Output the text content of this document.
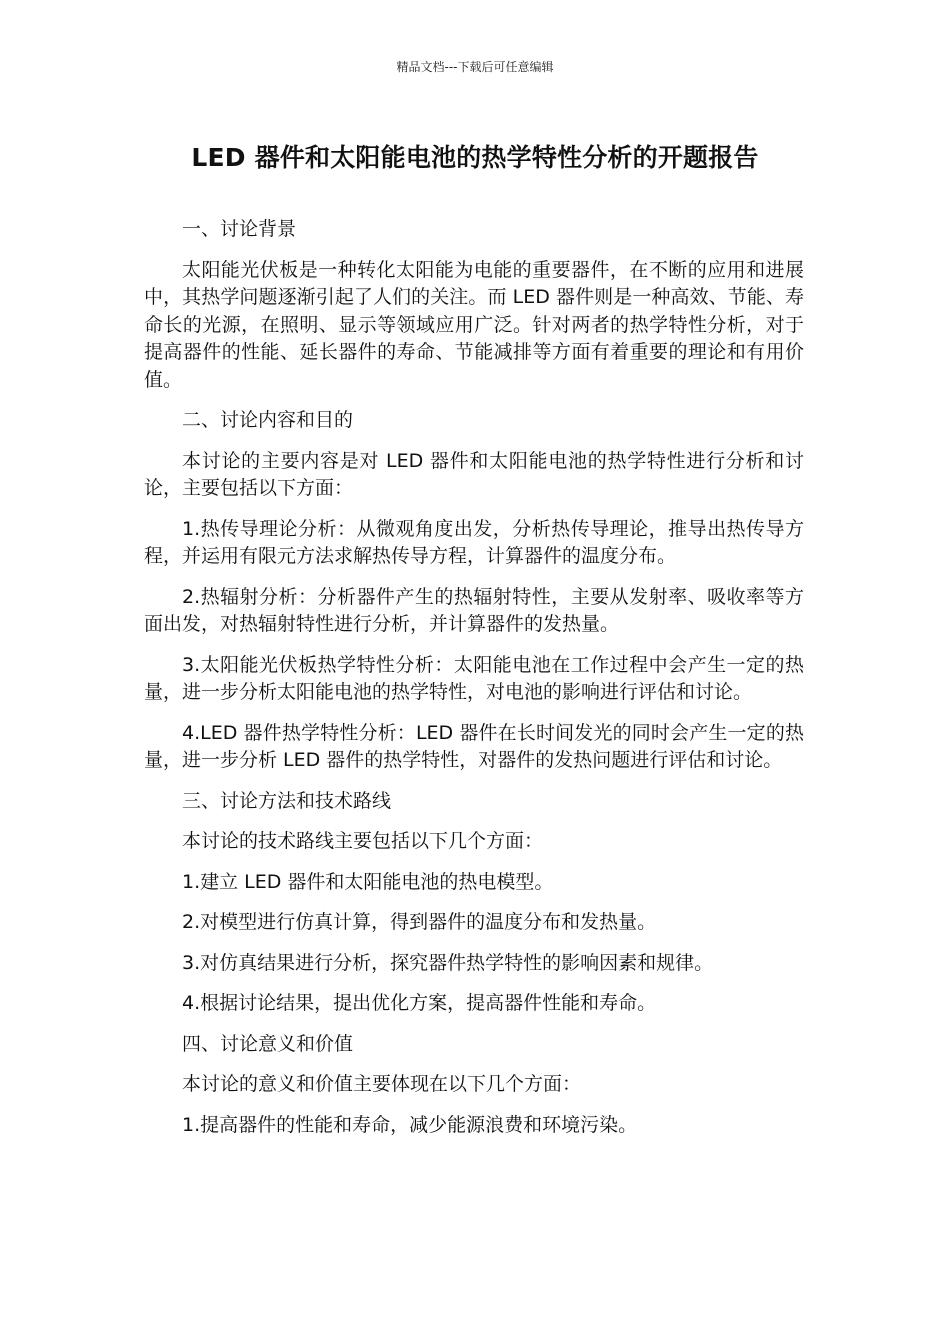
精品文档---下载后可任意编辑
LED 器件和太阳能电池的热学特性分析的开题报告

一、讨论背景

太阳能光伏板是一种转化太阳能为电能的重要器件，在不断的应用和进展中，其热学问题逐渐引起了人们的关注。而 LED 器件则是一种高效、节能、寿命长的光源，在照明、显示等领域应用广泛。针对两者的热学特性分析，对于提高器件的性能、延长器件的寿命、节能减排等方面有着重要的理论和有用价值。

二、讨论内容和目的

本讨论的主要内容是对 LED 器件和太阳能电池的热学特性进行分析和讨论，主要包括以下方面：

1.热传导理论分析：从微观角度出发，分析热传导理论，推导出热传导方程，并运用有限元方法求解热传导方程，计算器件的温度分布。

2.热辐射分析：分析器件产生的热辐射特性，主要从发射率、吸收率等方面出发，对热辐射特性进行分析，并计算器件的发热量。

3.太阳能光伏板热学特性分析：太阳能电池在工作过程中会产生一定的热量，进一步分析太阳能电池的热学特性，对电池的影响进行评估和讨论。

4.LED 器件热学特性分析：LED 器件在长时间发光的同时会产生一定的热量，进一步分析 LED 器件的热学特性，对器件的发热问题进行评估和讨论。

三、讨论方法和技术路线

本讨论的技术路线主要包括以下几个方面：

1.建立 LED 器件和太阳能电池的热电模型。

2.对模型进行仿真计算，得到器件的温度分布和发热量。

3.对仿真结果进行分析，探究器件热学特性的影响因素和规律。

4.根据讨论结果，提出优化方案，提高器件性能和寿命。

四、讨论意义和价值

本讨论的意义和价值主要体现在以下几个方面：

1.提高器件的性能和寿命，减少能源浪费和环境污染。
